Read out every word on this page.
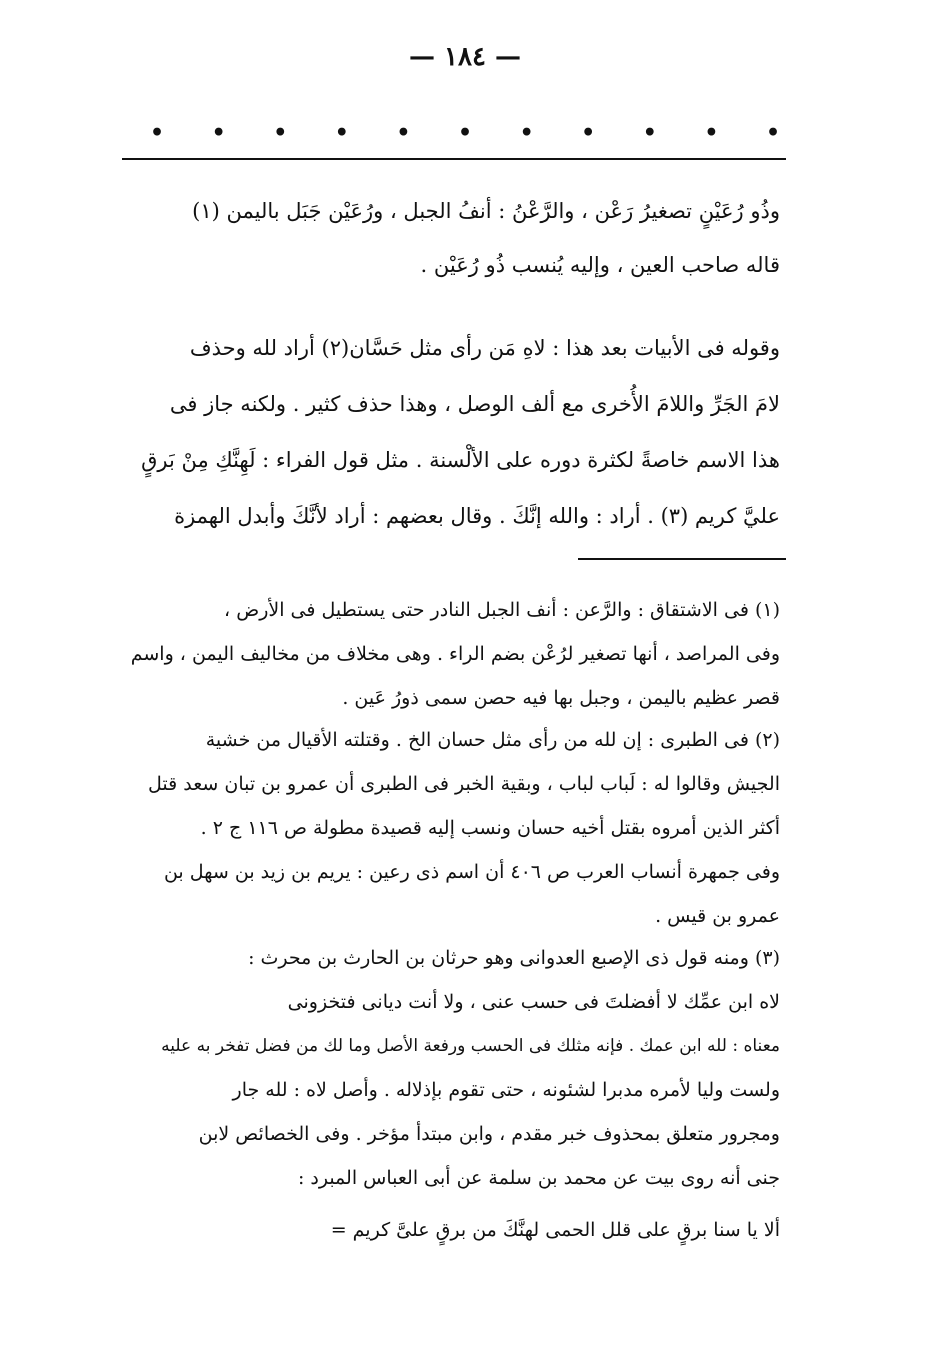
— ١٨٤ —
• • • • • • • • • • •

وذُو رُعَيْنٍ تصغيرُ رَعْن ، والرَّعْنُ : أنفُ الجبل ، ورُعَيْن جَبَل باليمن (١)

قاله صاحب العين ، وإليه يُنسب ذُو رُعَيْن .

وقوله فى الأبيات بعد هذا : لاهِ مَن رأى مثل حَسَّان(٢) أراد لله وحذف

لامَ الجَرِّ واللامَ الأُخرى مع ألف الوصل ، وهذا حذف كثير . ولكنه جاز فى

هذا الاسم خاصةً لكثرة دوره على الألْسنة . مثل قول الفراء : لَهِنَّكِ مِنْ بَرقٍ

عليَّ كريم (٣) . أراد : والله إنَّكَ . وقال بعضهم : أراد لأنَّكَ وأبدل الهمزة

(١) فى الاشتقاق : والرَّعن : أنف الجبل النادر حتى يستطيل فى الأرض ،

وفى المراصد ، أنها تصغير لرُعْن بضم الراء . وهى مخلاف من مخاليف اليمن ، واسم

قصر عظيم باليمن ، وجبل بها فيه حصن سمى ذورُ عَين .

(٢) فى الطبرى : إن لله من رأى مثل حسان الخ . وقتلته الأقيال من خشية

الجيش وقالوا له : لَباب لباب ، وبقية الخبر فى الطبرى أن عمرو بن تبان سعد قتل

أكثر الذين أمروه بقتل أخيه حسان ونسب إليه قصيدة مطولة ص ١١٦ ج ٢ .

وفى جمهرة أنساب العرب ص ٤٠٦ أن اسم ذى رعين : يريم بن زيد بن سهل بن

عمرو بن قيس .

(٣) ومنه قول ذى الإصبع العدوانى وهو حرثان بن الحارث بن محرث :

لاه ابن عمِّك لا أفضلتَ فى حسب عنى ، ولا أنت ديانى فتخزونى

معناه : لله ابن عمك . فإنه مثلك فى الحسب ورفعة الأصل وما لك من فضل تفخر به عليه

ولست وليا لأمره مدبرا لشئونه ، حتى تقوم بإذلاله . وأصل لاه : لله جار

ومجرور متعلق بمحذوف خبر مقدم ، وابن مبتدأ مؤخر . وفى الخصائص لابن

جنى أنه روى بيت عن محمد بن سلمة عن أبى العباس المبرد :

ألا يا سنا برقٍ على قلل الحمى لهنَّكَ من برقٍ علىَّ كريم =
